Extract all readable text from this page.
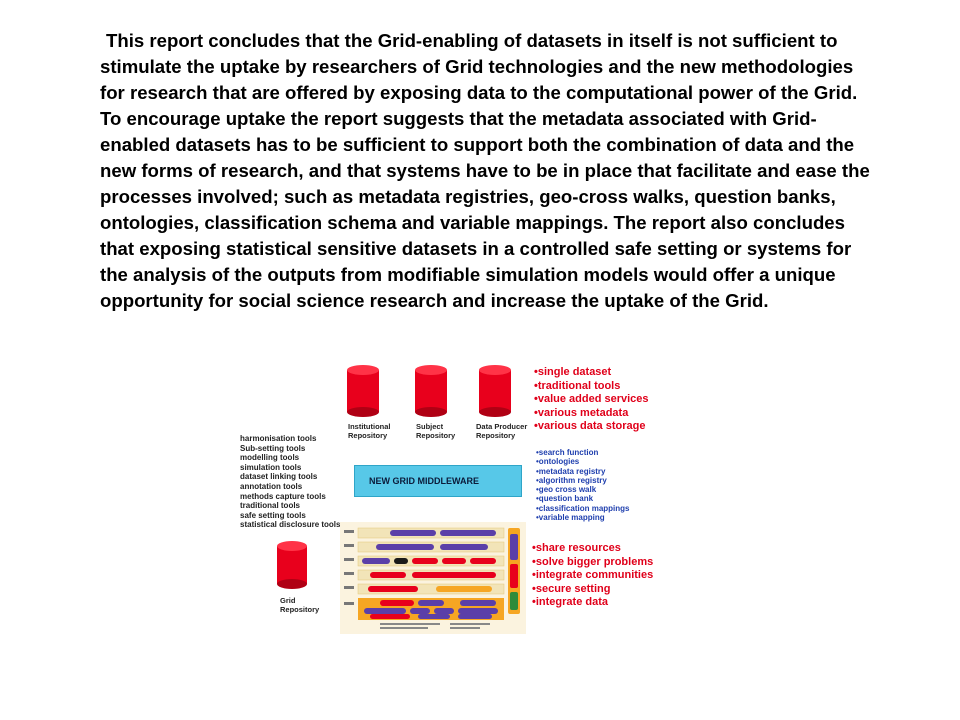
This report concludes that the Grid-enabling of datasets in itself is not sufficient to stimulate the uptake by researchers of Grid technologies and the new methodologies for research that are offered by exposing data to the computational power of the Grid. To encourage uptake the report suggests that the metadata associated with Grid-enabled datasets has to be sufficient to support both the combination of data and the new forms of research, and that systems have to be in place that facilitate and ease the processes involved; such as metadata registries, geo-cross walks, question banks, ontologies, classification schema and variable mappings. The report also concludes that exposing statistical sensitive datasets in a controlled safe setting or systems for the analysis of the outputs from modifiable simulation models would offer a unique opportunity for social science research and increase the uptake of the Grid.

Institutional
Repository
Subject
Repository
Data Producer
Repository
Grid
Repository
harmonisation tools
Sub-setting tools
modelling tools
simulation tools
dataset linking tools
annotation tools
methods capture tools
traditional tools
safe setting tools
statistical disclosure tools
NEW GRID MIDDLEWARE
•single dataset
•traditional tools
•value added services
•various metadata
•various data storage
•search function
•ontologies
•metadata registry
•algorithm registry
•geo cross walk
•question bank
•classification mappings
•variable mapping
•share resources
•solve bigger problems
•integrate communities
•secure setting
•integrate data
